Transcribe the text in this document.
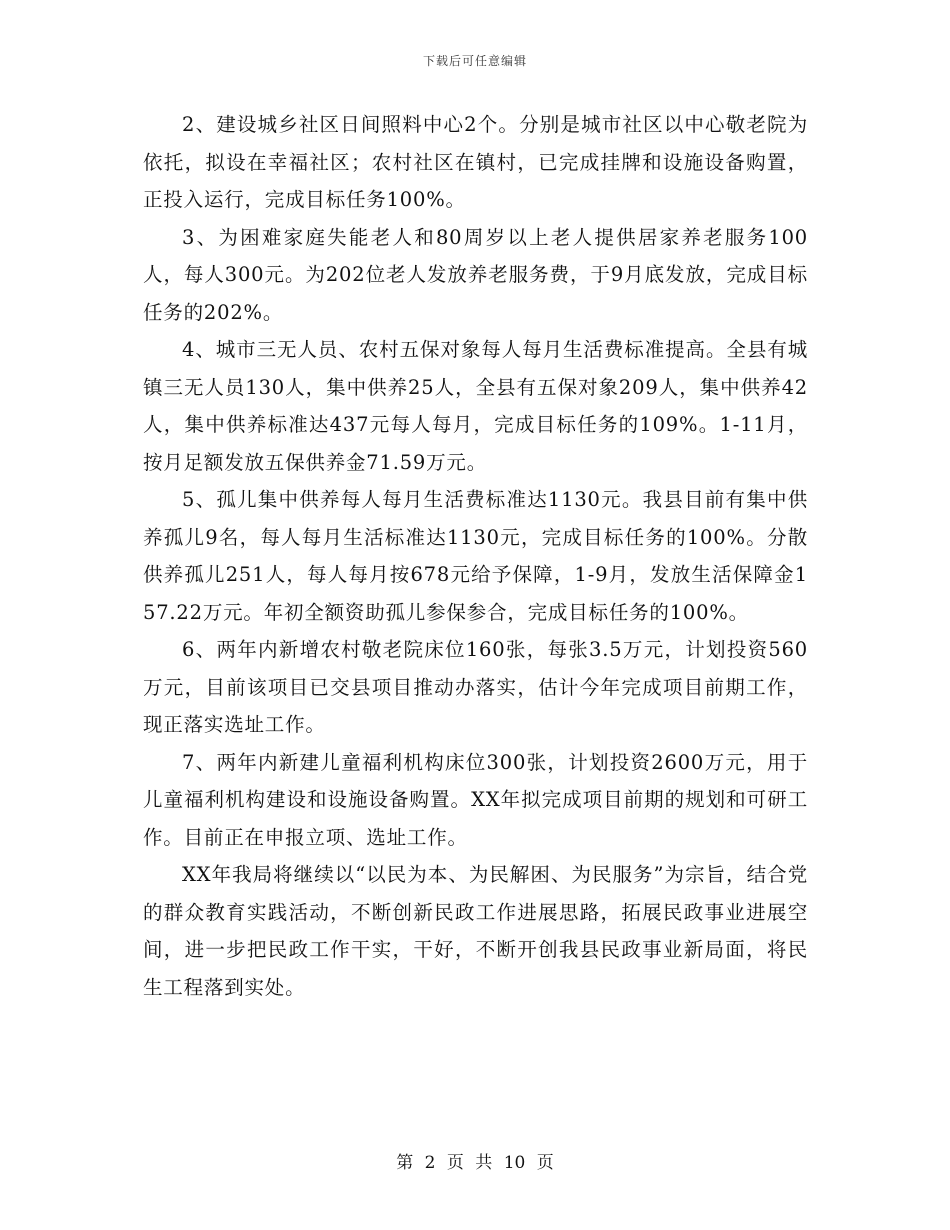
下载后可任意编辑

2、建设城乡社区日间照料中心2个。分别是城市社区以中心敬老院为依托，拟设在幸福社区；农村社区在镇村，已完成挂牌和设施设备购置，正投入运行，完成目标任务100%。

3、为困难家庭失能老人和80周岁以上老人提供居家养老服务100人，每人300元。为202位老人发放养老服务费，于9月底发放，完成目标任务的202%。

4、城市三无人员、农村五保对象每人每月生活费标准提高。全县有城镇三无人员130人，集中供养25人，全县有五保对象209人，集中供养42人，集中供养标准达437元每人每月，完成目标任务的109%。1-11月，按月足额发放五保供养金71.59万元。

5、孤儿集中供养每人每月生活费标准达1130元。我县目前有集中供养孤儿9名，每人每月生活标准达1130元，完成目标任务的100%。分散供养孤儿251人，每人每月按678元给予保障，1-9月，发放生活保障金157.22万元。年初全额资助孤儿参保参合，完成目标任务的100%。

6、两年内新增农村敬老院床位160张，每张3.5万元，计划投资560万元，目前该项目已交县项目推动办落实，估计今年完成项目前期工作，现正落实选址工作。

7、两年内新建儿童福利机构床位300张，计划投资2600万元，用于儿童福利机构建设和设施设备购置。XX年拟完成项目前期的规划和可研工作。目前正在申报立项、选址工作。

XX年我局将继续以“以民为本、为民解困、为民服务”为宗旨，结合党的群众教育实践活动，不断创新民政工作进展思路，拓展民政事业进展空间，进一步把民政工作干实，干好，不断开创我县民政事业新局面，将民生工程落到实处。

第 2 页 共 10 页
